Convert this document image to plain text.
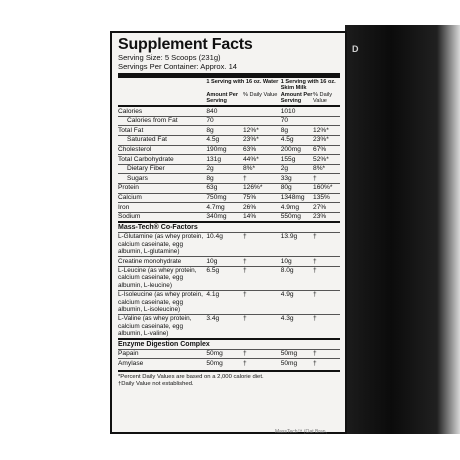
D
Supplement Facts
Serving Size: 5 Scoops (231g)
Servings Per Container: Approx. 14
	1 Serving with 16 oz. Water		1 Serving with 16 oz. Skim Milk	
	Amount Per Serving	% Daily Value	Amount Per Serving	% Daily Value
Calories	840		1010	
Calories from Fat	70		70	
Total Fat	8g	12%*	8g	12%*
Saturated Fat	4.5g	23%*	4.5g	23%*
Cholesterol	190mg	63%	200mg	67%
Total Carbohydrate	131g	44%*	155g	52%*
Dietary Fiber	2g	8%*	2g	8%*
Sugars	8g	†	33g	†
Protein	63g	126%*	80g	160%*
Calcium	750mg	75%	1348mg	135%
Iron	4.7mg	26%	4.9mg	27%
Sodium	340mg	14%	550mg	23%
Mass-Tech® Co-Factors				
L-Glutamine (as whey protein, calcium caseinate, egg albumin, L-glutamine)	10.4g	†	13.9g	†
Creatine monohydrate	10g	†	10g	†
L-Leucine (as whey protein, calcium caseinate, egg albumin, L-leucine)	6.5g	†	8.0g	†
L-Isoleucine (as whey protein, calcium caseinate, egg albumin, L-isoleucine)	4.1g	†	4.9g	†
L-Valine (as whey protein, calcium caseinate, egg albumin, L-valine)	3.4g	†	4.3g	†
Enzyme Digestion Complex				
Papain	50mg	†	50mg	†
Amylase	50mg	†	50mg	†
*Percent Daily Values are based on a 2,000 calorie diet.
†Daily Value not established.
MassTech™ (Oat Bran,
